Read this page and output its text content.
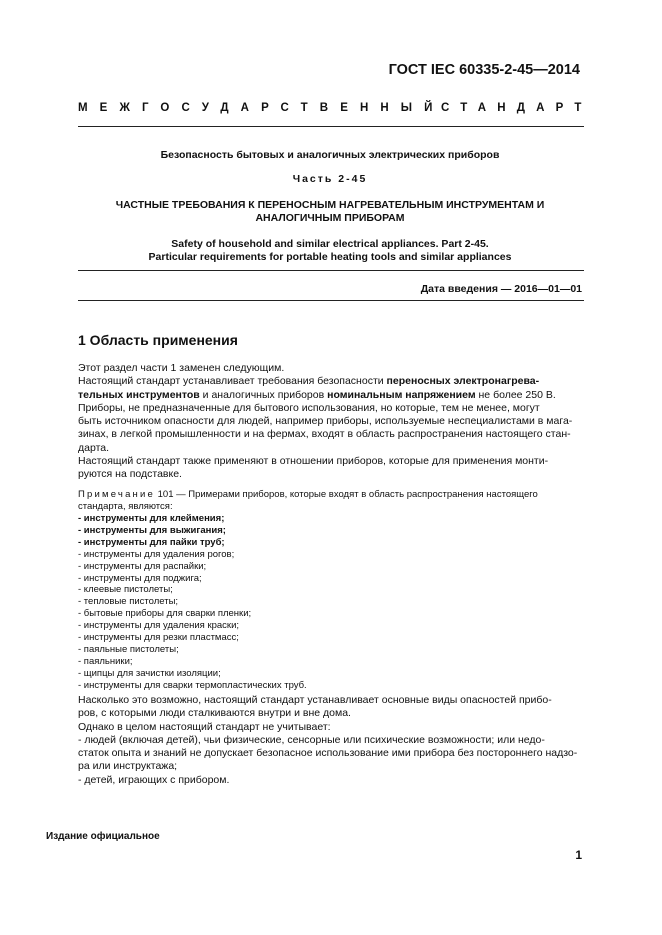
ГОСТ IEC 60335-2-45—2014
МЕЖГОСУДАРСТВЕННЫЙ
СТАНДАРТ
Безопасность бытовых и аналогичных электрических приборов
Часть 2-45
ЧАСТНЫЕ ТРЕБОВАНИЯ К ПЕРЕНОСНЫМ НАГРЕВАТЕЛЬНЫМ ИНСТРУМЕНТАМ И
АНАЛОГИЧНЫМ ПРИБОРАМ
Safety of household and similar electrical appliances. Part 2-45.
Particular requirements for portable heating tools and similar appliances
Дата введения — 2016—01—01
1 Область применения
Этот раздел части 1 заменен следующим.
Настоящий стандарт устанавливает требования безопасности переносных электронагрева-
тельных инструментов и аналогичных приборов номинальным напряжением не более 250 В.
Приборы, не предназначенные для бытового использования, но которые, тем не менее, могут
быть источником опасности для людей, например приборы, используемые неспециалистами в мага-
зинах, в легкой промышленности и на фермах, входят в область распространения настоящего стан-
дарта.
Настоящий стандарт также применяют в отношении приборов, которые для применения монти-
руются на подставке.
Примечание 101 — Примерами приборов, которые входят в область распространения настоящего
стандарта, являются:
- инструменты для клеймения;
- инструменты для выжигания;
- инструменты для пайки труб;
- инструменты для удаления рогов;
- инструменты для распайки;
- инструменты для поджига;
- клеевые пистолеты;
- тепловые пистолеты;
- бытовые приборы для сварки пленки;
- инструменты для удаления краски;
- инструменты для резки пластмасс;
- паяльные пистолеты;
- паяльники;
- щипцы для зачистки изоляции;
- инструменты для сварки термопластических труб.
Насколько это возможно, настоящий стандарт устанавливает основные виды опасностей прибо-
ров, с которыми люди сталкиваются внутри и вне дома.
Однако в целом настоящий стандарт не учитывает:
- людей (включая детей), чьи физические, сенсорные или психические возможности; или недо-
статок опыта и знаний не допускает безопасное использование ими прибора без постороннего надзо-
ра или инструктажа;
- детей, играющих с прибором.
Издание официальное
1
